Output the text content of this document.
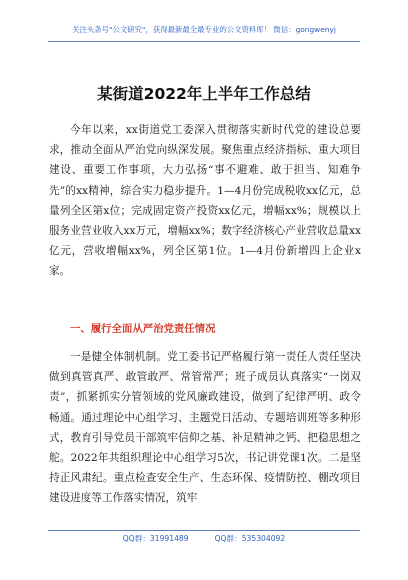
关注头条号"公文研究"，获得最新最全最专业的公文资料库！ 微信：gongwenyj
某街道2022年上半年工作总结
今年以来，xx街道党工委深入贯彻落实新时代党的建设总要求，推动全面从严治党向纵深发展。聚焦重点经济指标、重大项目建设、重要工作事项，大力弘扬“事不避难、敢于担当、知难争先”的xx精神，综合实力稳步提升。1—4月份完成税收xx亿元，总量列全区第x位；完成固定资产投资xx亿元，增幅xx%；规模以上服务业营业收入xx万元，增幅xx%；数字经济核心产业营收总量xx亿元，营收增幅xx%，列全区第1位。1—4月份新增四上企业x家。
一、履行全面从严治党责任情况
一是健全体制机制。党工委书记严格履行第一责任人责任坚决做到真管真严、敢管敢严、常管常严；班子成员认真落实“一岗双责”，抓紧抓实分管领域的党风廉政建设，做到了纪律严明、政令畅通。通过理论中心组学习、主题党日活动、专题培训班等多种形式，教育引导党员干部筑牢信仰之基、补足精神之钙、把稳思想之舵。2022年共组织理论中心组学习5次，书记讲党课1次。二是坚持正风肃纪。重点检查安全生产、生态环保、疫情防控、棚改项目建设进度等工作落实情况，筑牢
QQ群：31991489	QQ群：535304092
